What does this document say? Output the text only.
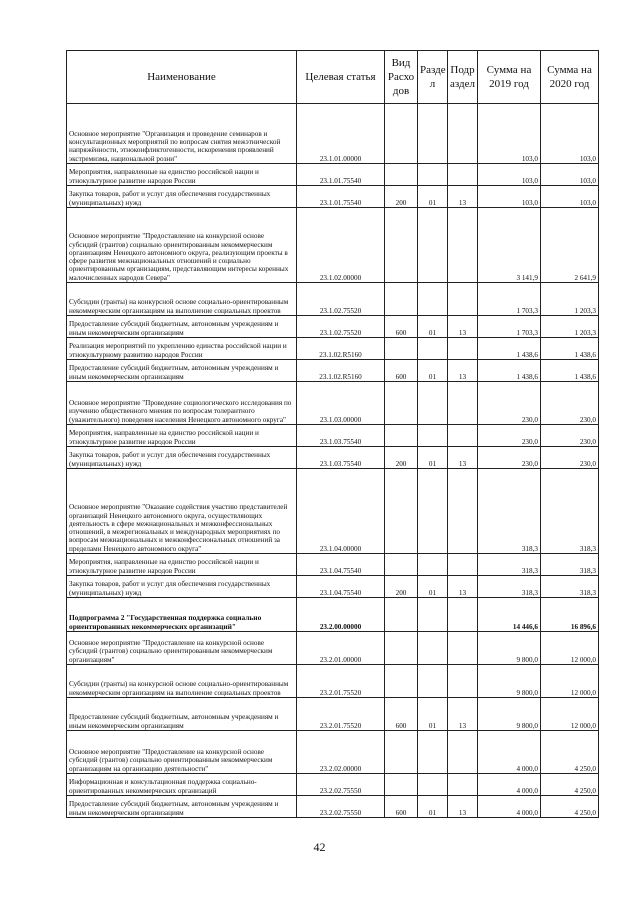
Наименование	Целевая статья	Вид Расхо дов	Разде л	Подр аздел	Сумма на 2019 год	Сумма на 2020 год
Основное мероприятие "Организация и проведение семинаров и консультационных мероприятий по вопросам снятия межэтнической напряжённости, этноконфликтогенности, искоренения проявлений экстремизма, национальной розни"	23.1.01.00000				103,0	103,0
Мероприятия, направленные на единство российской нации и этнокультурное развитие народов России	23.1.01.75540				103,0	103,0
Закупка товаров, работ и услуг для обеспечения государственных (муниципальных) нужд	23.1.01.75540	200	01	13	103,0	103,0
Основное мероприятие "Предоставление на конкурсной основе субсидий (грантов) социально ориентированным некоммерческим организациям Ненецкого автономного округа, реализующим проекты в сфере развития межнациональных отношений и социально ориентированным организациям, представляющим интересы коренных малочисленных народов Севера"	23.1.02.00000				3 141,9	2 641,9
Субсидии (гранты) на конкурсной основе социально-ориентированным некоммерческим организациям на выполнение социальных проектов	23.1.02.75520				1 703,3	1 203,3
Предоставление субсидий бюджетным, автономным учреждениям и иным некоммерческим организациям	23.1.02.75520	600	01	13	1 703,3	1 203,3
Реализация мероприятий по укреплению единства российской нации и этнокультурному развитию народов России	23.1.02.R5160				1 438,6	1 438,6
Предоставление субсидий бюджетным, автономным учреждениям и иным некоммерческим организациям	23.1.02.R5160	600	01	13	1 438,6	1 438,6
Основное мероприятие "Проведение социологического исследования по изучению общественного мнения по вопросам толерантного (уважительного) поведения населения Ненецкого автономного округа"	23.1.03.00000				230,0	230,0
Мероприятия, направленные на единство российской нации и этнокультурное развитие народов России	23.1.03.75540				230,0	230,0
Закупка товаров, работ и услуг для обеспечения государственных (муниципальных) нужд	23.1.03.75540	200	01	13	230,0	230,0
Основное мероприятие "Оказание содействия участию представителей организаций Ненецкого автономного округа, осуществляющих деятельность в сфере межнациональных и межконфессиональных отношений, в межрегиональных и международных мероприятиях по вопросам межнациональных и межконфессиональных отношений за пределами Ненецкого автономного округа"	23.1.04.00000				318,3	318,3
Мероприятия, направленные на единство российской нации и этнокультурное развитие народов России	23.1.04.75540				318,3	318,3
Закупка товаров, работ и услуг для обеспечения государственных (муниципальных) нужд	23.1.04.75540	200	01	13	318,3	318,3
Подпрограмма 2 "Государственная поддержка социально ориентированных некоммерческих организаций"	23.2.00.00000				14 446,6	16 896,6
Основное мероприятие "Предоставление на конкурсной основе субсидий (грантов) социально ориентированным некоммерческим организациям"	23.2.01.00000				9 800,0	12 000,0
Субсидии (гранты) на конкурсной основе социально-ориентированным некоммерческим организациям на выполнение социальных проектов	23.2.01.75520				9 800,0	12 000,0
Предоставление субсидий бюджетным, автономным учреждениям и иным некоммерческим организациям	23.2.01.75520	600	01	13	9 800,0	12 000,0
Основное мероприятие "Предоставление на конкурсной основе субсидий (грантов) социально ориентированным некоммерческим организациям на организацию деятельности"	23.2.02.00000				4 000,0	4 250,0
Информационная и консультационная поддержка социально-ориентированных некоммерческих организаций	23.2.02.75550				4 000,0	4 250,0
Предоставление субсидий бюджетным, автономным учреждениям и иным некоммерческим организациям	23.2.02.75550	600	01	13	4 000,0	4 250,0
42
